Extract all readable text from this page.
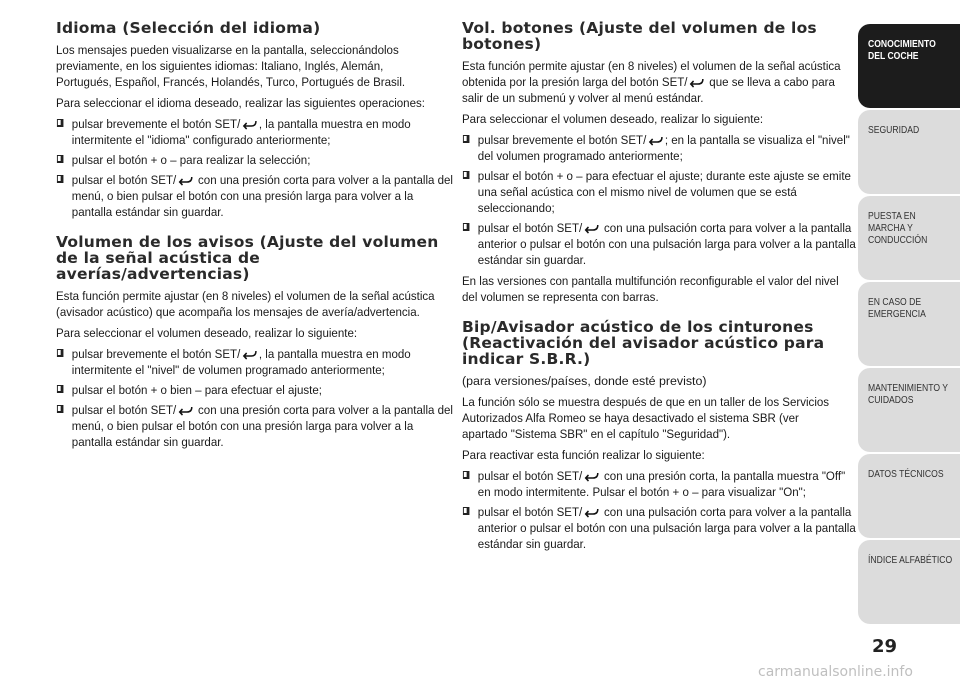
Idioma (Selección del idioma)

Los mensajes pueden visualizarse en la pantalla, seleccionándolos previamente, en los siguientes idiomas: Italiano, Inglés, Alemán, Portugués, Español, Francés, Holandés, Turco, Portugués de Brasil.

Para seleccionar el idioma deseado, realizar las siguientes operaciones:

pulsar brevemente el botón SET/ , la pantalla muestra en modo intermitente el "idioma" configurado anteriormente;
pulsar el botón + o – para realizar la selección;
pulsar el botón SET/ con una presión corta para volver a la pantalla del menú, o bien pulsar el botón con una presión larga para volver a la pantalla estándar sin guardar.
Volumen de los avisos (Ajuste del volumen de la señal acústica de averías/advertencias)

Esta función permite ajustar (en 8 niveles) el volumen de la señal acústica (avisador acústico) que acompaña los mensajes de avería/advertencia.

Para seleccionar el volumen deseado, realizar lo siguiente:

pulsar brevemente el botón SET/ , la pantalla muestra en modo intermitente el "nivel" de volumen programado anteriormente;
pulsar el botón + o bien – para efectuar el ajuste;
pulsar el botón SET/ con una presión corta para volver a la pantalla del menú, o bien pulsar el botón con una presión larga para volver a la pantalla estándar sin guardar.
Vol. botones (Ajuste del volumen de los botones)

Esta función permite ajustar (en 8 niveles) el volumen de la señal acústica obtenida por la presión larga del botón SET/ que se lleva a cabo para salir de un submenú y volver al menú estándar.

Para seleccionar el volumen deseado, realizar lo siguiente:

pulsar brevemente el botón SET/ ; en la pantalla se visualiza el "nivel" del volumen programado anteriormente;
pulsar el botón + o – para efectuar el ajuste; durante este ajuste se emite una señal acústica con el mismo nivel de volumen que se está seleccionando;
pulsar el botón SET/ con una pulsación corta para volver a la pantalla anterior o pulsar el botón con una pulsación larga para volver a la pantalla estándar sin guardar.

En las versiones con pantalla multifunción reconfigurable el valor del nivel del volumen se representa con barras.

Bip/Avisador acústico de los cinturones (Reactivación del avisador acústico para indicar S.B.R.)
(para versiones/países, donde esté previsto)

La función sólo se muestra después de que en un taller de los Servicios Autorizados Alfa Romeo se haya desactivado el sistema SBR (ver apartado "Sistema SBR" en el capítulo "Seguridad").

Para reactivar esta función realizar lo siguiente:

pulsar el botón SET/ con una presión corta, la pantalla muestra "Off" en modo intermitente. Pulsar el botón + o – para visualizar "On";
pulsar el botón SET/ con una pulsación corta para volver a la pantalla anterior o pulsar el botón con una pulsación larga para volver a la pantalla estándar sin guardar.
CONOCIMIENTO DEL COCHE
SEGURIDAD
PUESTA EN MARCHA Y CONDUCCIÓN
EN CASO DE EMERGENCIA
MANTENIMIENTO Y CUIDADOS
DATOS TÉCNICOS
ÍNDICE ALFABÉTICO
29
carmanualsonline.info
